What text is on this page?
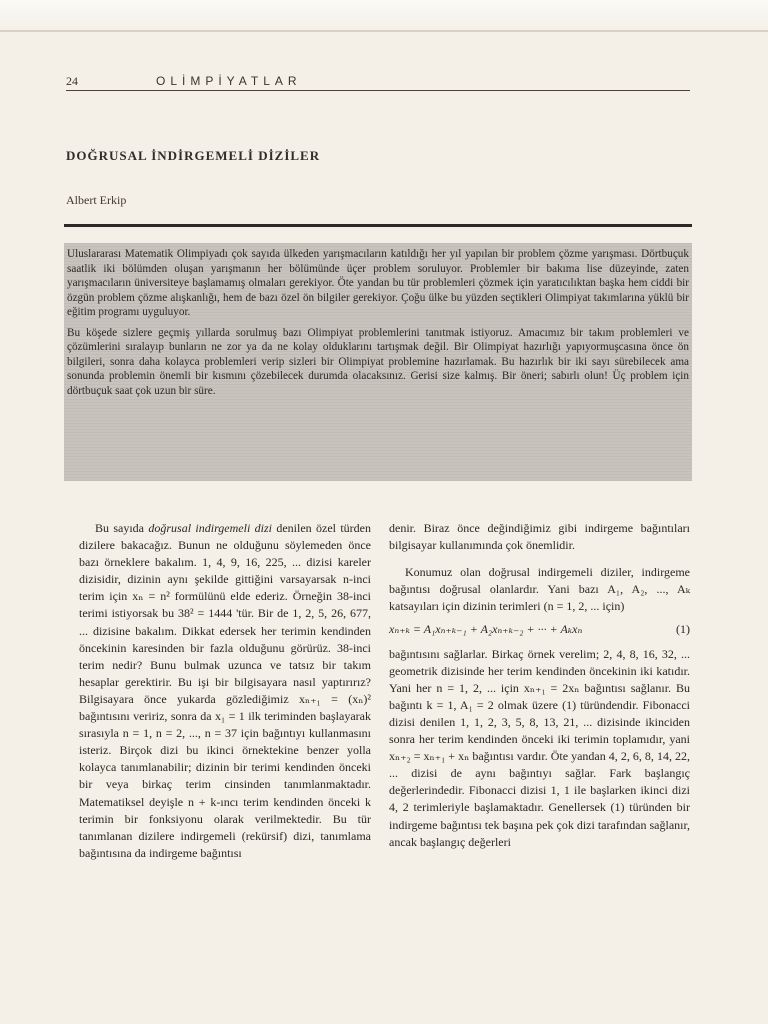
24	OLİMPİYATLAR
DOĞRUSAL İNDİRGEMELİ DİZİLER
Albert Erkip

Uluslararası Matematik Olimpiyadı çok sayıda ülkeden yarışmacıların katıldığı her yıl yapılan bir problem çözme yarışması. Dörtbuçuk saatlik iki bölümden oluşan yarışmanın her bölümünde üçer problem soruluyor. Problemler bir bakıma lise düzeyinde, zaten yarışmacıların üniversiteye başlamamış olmaları gerekiyor. Öte yandan bu tür problemleri çözmek için yaratıcılıktan başka hem ciddi bir özgün problem çözme alışkanlığı, hem de bazı özel ön bilgiler gerekiyor. Çoğu ülke bu yüzden seçtikleri Olimpiyat takımlarına yüklü bir eğitim programı uyguluyor.

Bu köşede sizlere geçmiş yıllarda sorulmuş bazı Olimpiyat problemlerini tanıtmak istiyoruz. Amacımız bir takım problemleri ve çözümlerini sıralayıp bunların ne zor ya da ne kolay olduklarını tartışmak değil. Bir Olimpiyat hazırlığı yapıyormuşcasına önce ön bilgileri, sonra daha kolayca problemleri verip sizleri bir Olimpiyat problemine hazırlamak. Bu hazırlık bir iki sayı sürebilecek ama sonunda problemin önemli bir kısmını çözebilecek durumda olacaksınız. Gerisi size kalmış. Bir öneri; sabırlı olun! Üç problem için dörtbuçuk saat çok uzun bir süre.

Bu sayıda doğrusal indirgemeli dizi denilen özel türden dizilere bakacağız. Bunun ne olduğunu söylemeden önce bazı örneklere bakalım. 1, 4, 9, 16, 225, ... dizisi kareler dizisidir, dizinin aynı şekilde gittiğini varsayarsak n-inci terim için xₙ = n² formülünü elde ederiz. Örneğin 38-inci terimi istiyorsak bu 38² = 1444 'tür. Bir de 1, 2, 5, 26, 677, ... dizisine bakalım. Dikkat edersek her terimin kendinden öncekinin karesinden bir fazla olduğunu görürüz. 38-inci terim nedir? Bunu bulmak uzunca ve tatsız bir takım hesaplar gerektirir. Bu işi bir bilgisayara nasıl yaptırırız? Bilgisayara önce yukarda gözlediğimiz xₙ₊₁ = (xₙ)² bağıntısını veririz, sonra da x₁ = 1 ilk teriminden başlayarak sırasıyla n = 1, n = 2, ..., n = 37 için bağıntıyı kullanmasını isteriz. Birçok dizi bu ikinci örnektekine benzer yolla kolayca tanımlanabilir; dizinin bir terimi kendinden önceki bir veya birkaç terim cinsinden tanımlanmaktadır. Matematiksel deyişle n + k-ıncı terim kendinden önceki k terimin bir fonksiyonu olarak verilmektedir. Bu tür tanımlanan dizilere indirgemeli (rekürsif) dizi, tanımlama bağıntısına da indirgeme bağıntısı

denir. Biraz önce değindiğimiz gibi indirgeme bağıntıları bilgisayar kullanımında çok önemlidir.

Konumuz olan doğrusal indirgemeli diziler, indirgeme bağıntısı doğrusal olanlardır. Yani bazı A₁, A₂, ..., Aₖ katsayıları için dizinin terimleri (n = 1, 2, ... için)

xₙ₊ₖ = A₁xₙ₊ₖ₋₁ + A₂xₙ₊ₖ₋₂ + ··· + Aₖxₙ	(1)

bağıntısını sağlarlar. Birkaç örnek verelim; 2, 4, 8, 16, 32, ... geometrik dizisinde her terim kendinden öncekinin iki katıdır. Yani her n = 1, 2, ... için xₙ₊₁ = 2xₙ bağıntısı sağlanır. Bu bağıntı k = 1, A₁ = 2 olmak üzere (1) türündendir. Fibonacci dizisi denilen 1, 1, 2, 3, 5, 8, 13, 21, ... dizisinde ikinciden sonra her terim kendinden önceki iki terimin toplamıdır, yani xₙ₊₂ = xₙ₊₁ + xₙ bağıntısı vardır. Öte yandan 4, 2, 6, 8, 14, 22, ... dizisi de aynı bağıntıyı sağlar. Fark başlangıç değerlerindedir. Fibonacci dizisi 1, 1 ile başlarken ikinci dizi 4, 2 terimleriyle başlamaktadır. Genellersek (1) türünden bir indirgeme bağıntısı tek başına pek çok dizi tarafından sağlanır, ancak başlangıç değerleri
